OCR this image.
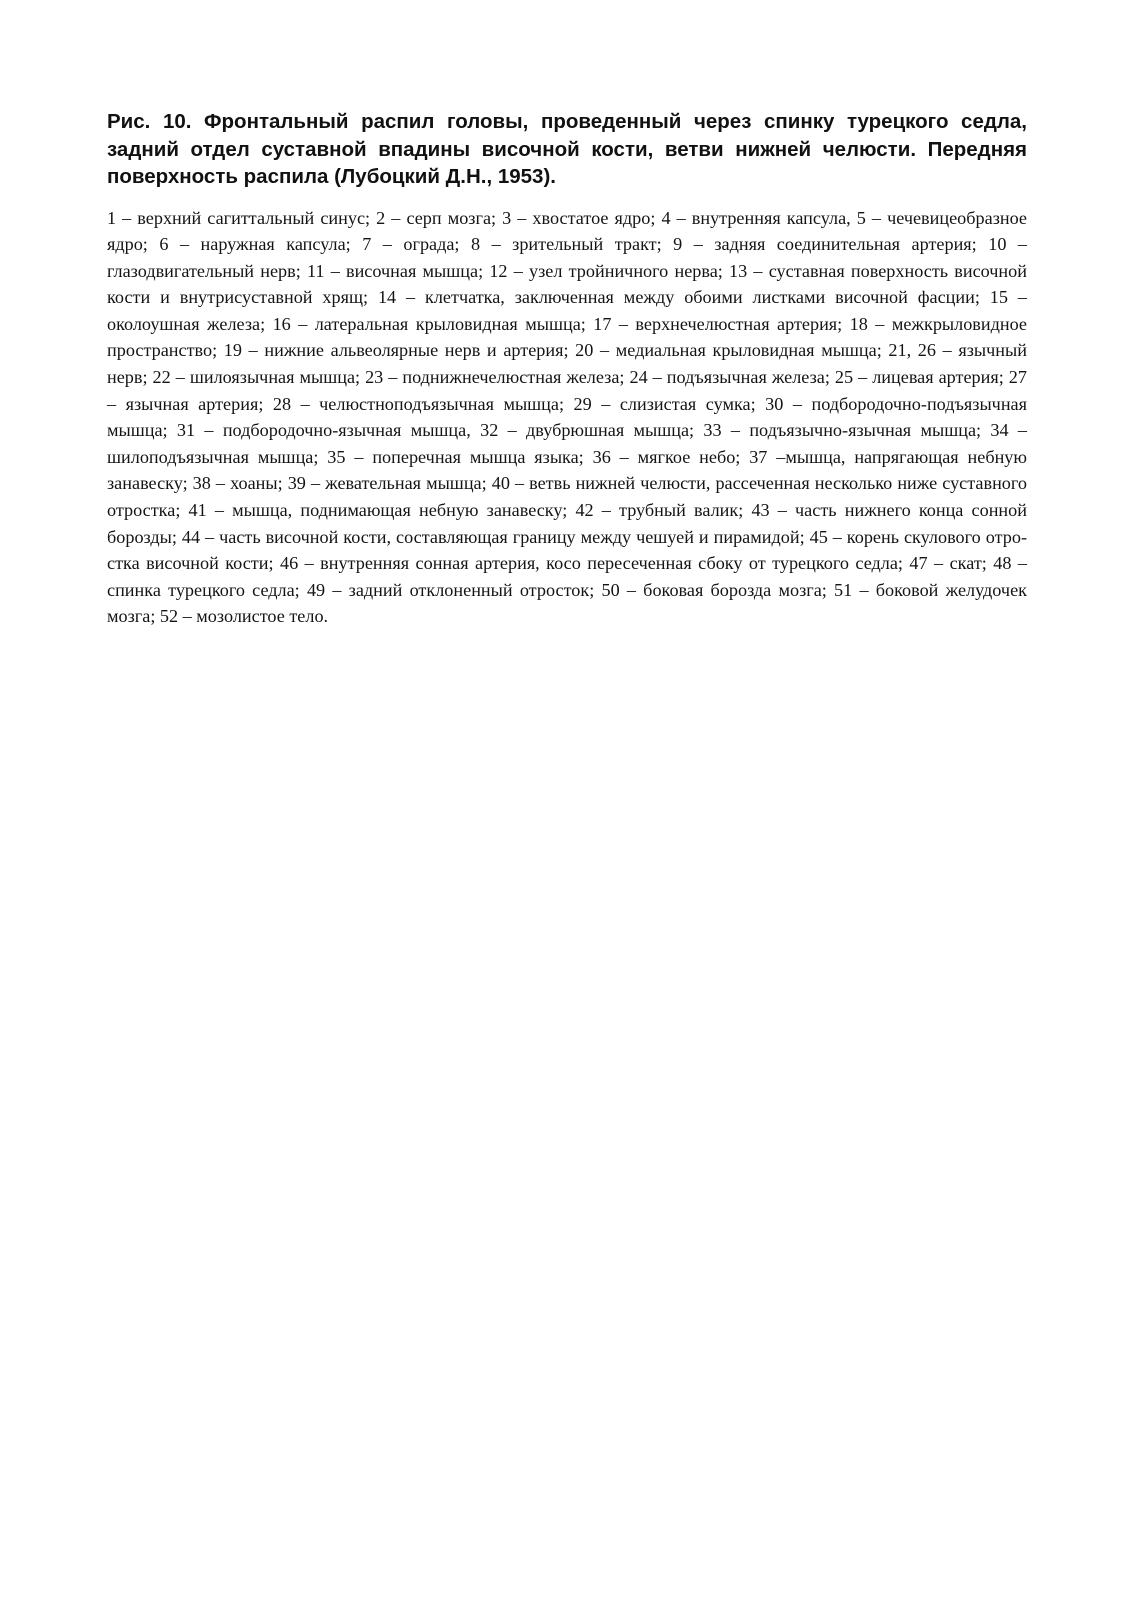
Рис. 10. Фронтальный распил головы, проведенный через спинку турецкого седла, задний отдел суставной впадины височной кости, ветви нижней челюсти. Передняя поверхность распила (Лубоцкий Д.Н., 1953).

1 – верхний сагиттальный синус; 2 – серп мозга; 3 – хвостатое ядро; 4 – внутренняя капсула, 5 – чечевицеобразное ядро; 6 – наружная капсула; 7 – ограда; 8 – зрительный тракт; 9 – задняя соединительная артерия; 10 – глазодвигательный нерв; 11 – височная мышца; 12 – узел тройничного нерва; 13 – суставная поверхность височной кости и внутрисуставной хрящ; 14 – клетчатка, заключенная между обоими листками височной фасции; 15 – околоушная железа; 16 – латеральная крыловидная мышца; 17 – верхнечелюстная артерия; 18 – межкрыловидное пространство; 19 – нижние альвеолярные нерв и артерия; 20 – медиальная крыловидная мышца; 21, 26 – язычный нерв; 22 – шилоязычная мышца; 23 – поднижнечелюстная железа; 24 – подъязычная железа; 25 – лицевая артерия; 27 – язычная артерия; 28 – челюстноподъязычная мышца; 29 – слизистая сумка; 30 – подбородочно-подъязычная мышца; 31 – подбородочно-язычная мышца, 32 – двубрюшная мышца; 33 – подъязычно-язычная мышца; 34 – шилоподъязычная мышца; 35 – поперечная мышца языка; 36 – мягкое небо; 37 –мышца, напрягающая небную занавеску; 38 – хоаны; 39 – жевательная мышца; 40 – ветвь нижней челюсти, рассеченная несколько ниже суставного отростка; 41 – мышца, поднимающая небную занавеску; 42 – трубный валик; 43 – часть нижнего конца сонной борозды; 44 – часть височной кости, составляющая границу между чешуей и пирамидой; 45 – корень скулового отростка височной кости; 46 – внутренняя сонная артерия, косо пересеченная сбоку от турецкого седла; 47 – скат; 48 – спинка турецкого седла; 49 – задний отклоненный отросток; 50 – боковая борозда мозга; 51 – боковой желудочек мозга; 52 – мозолистое тело.
